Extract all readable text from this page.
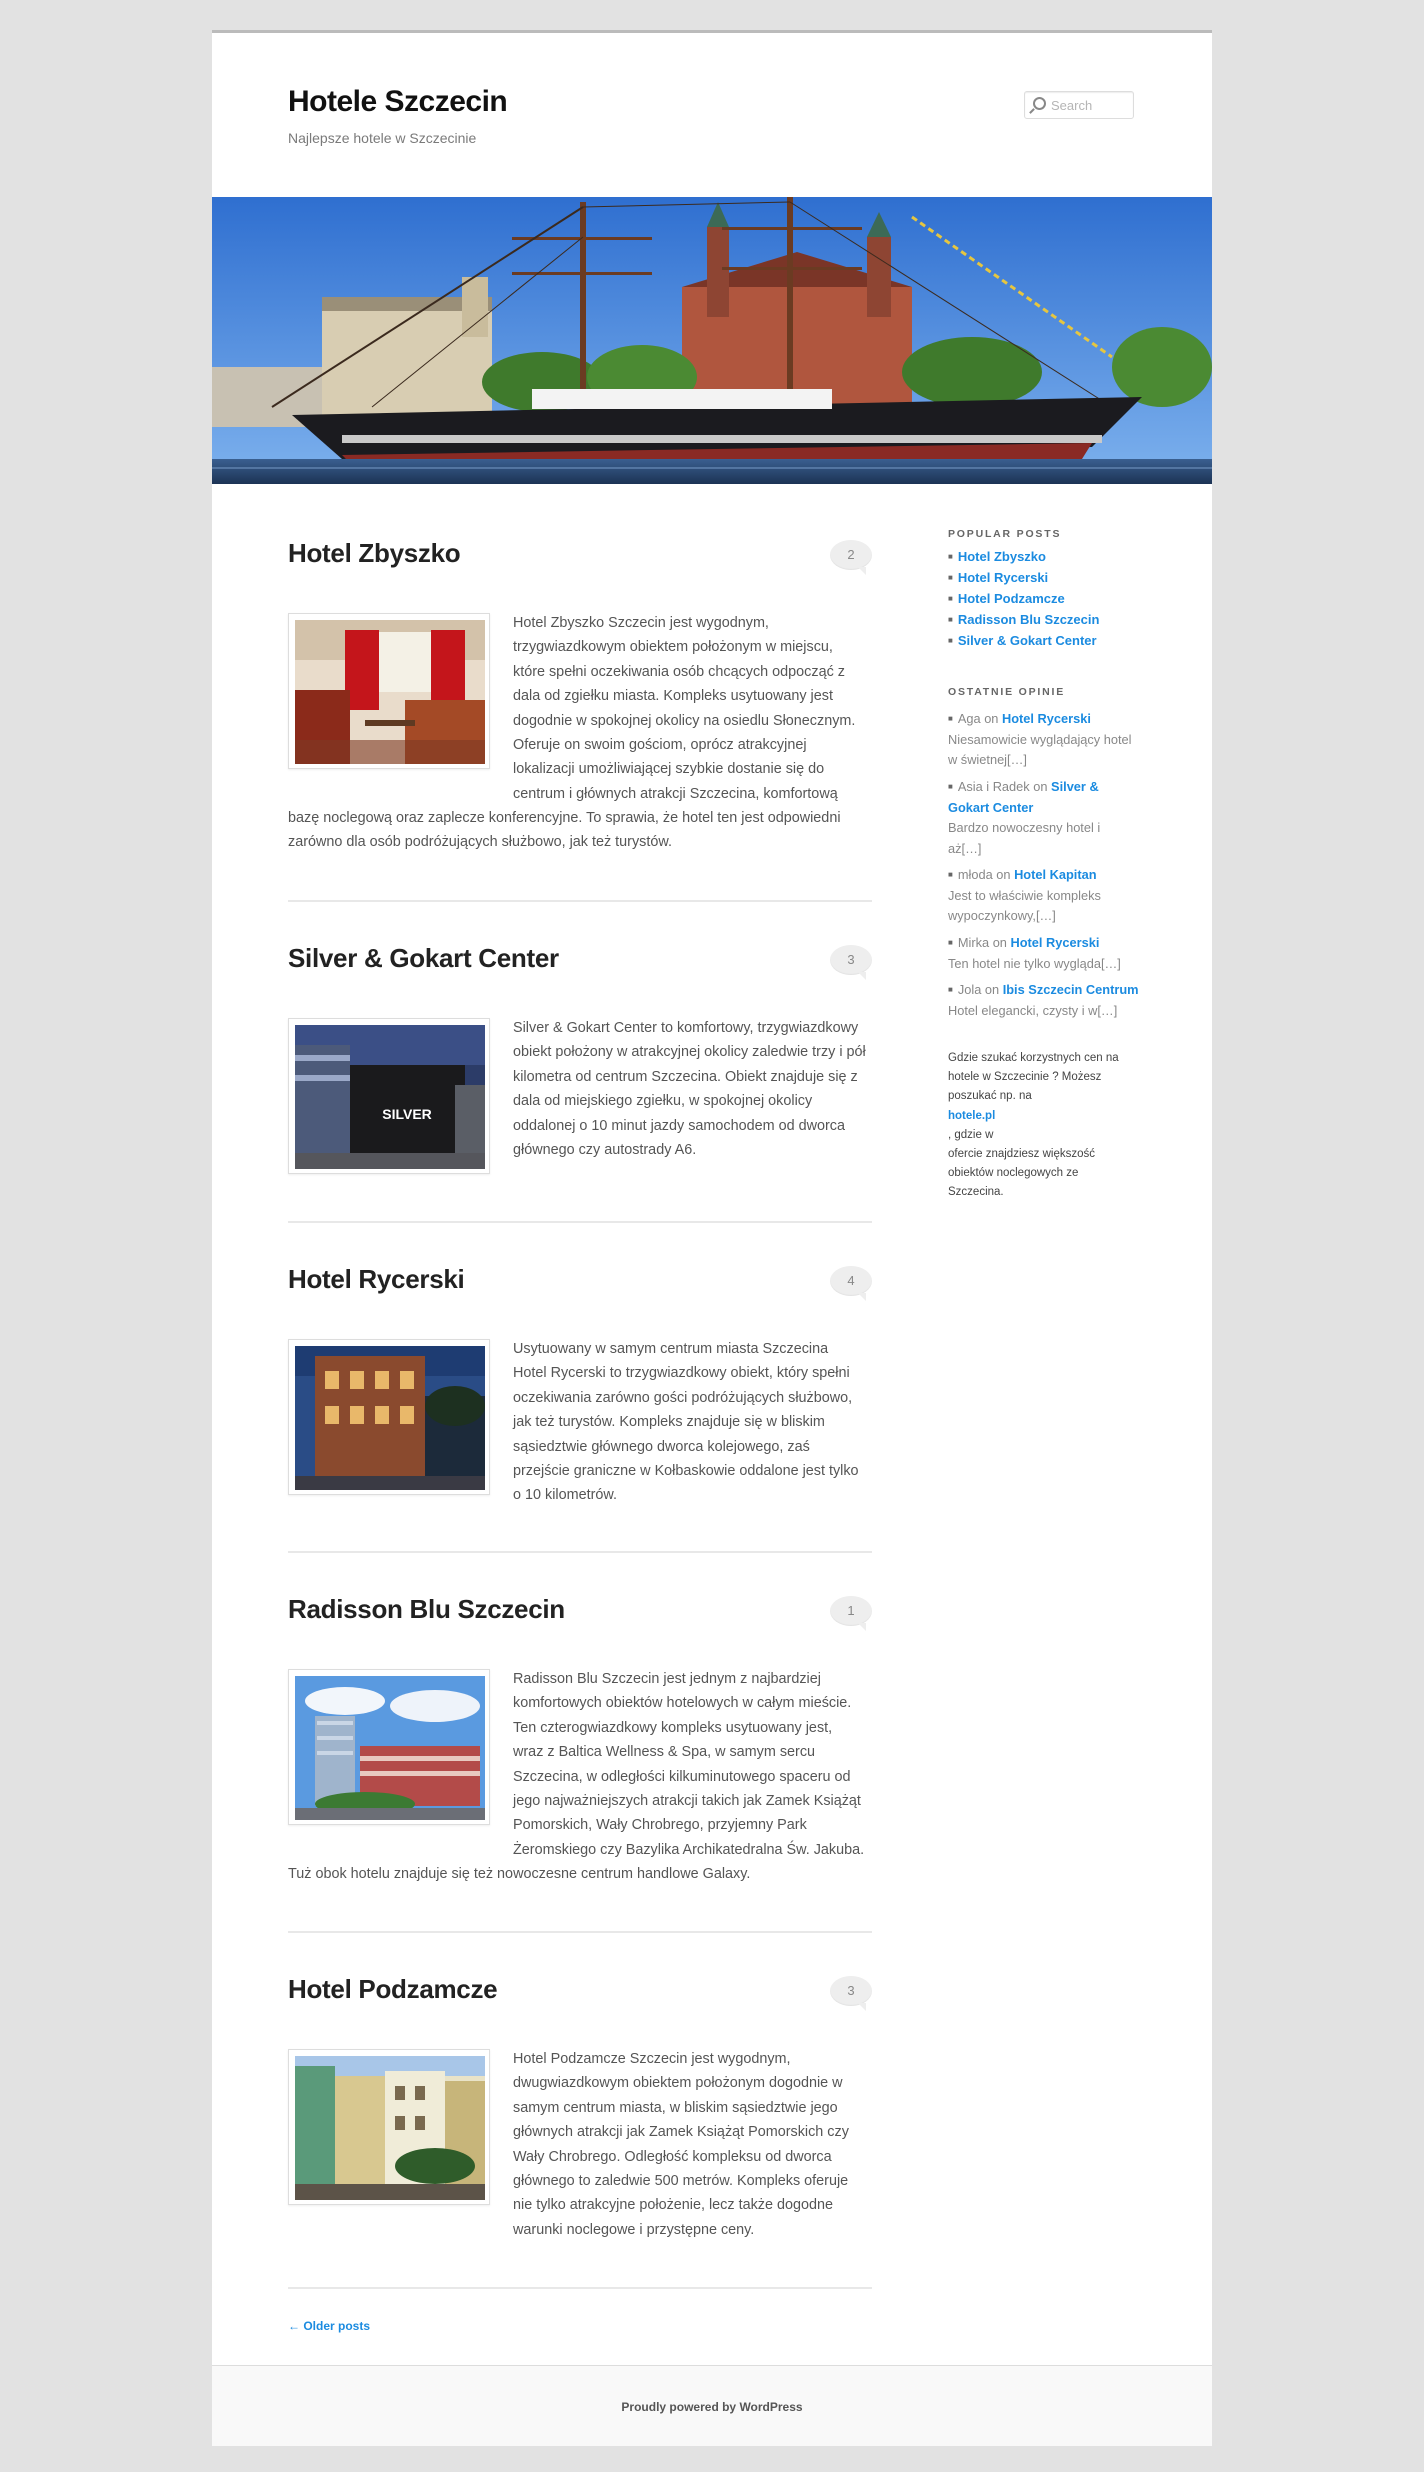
Hotele Szczecin

Najlepsze hotele w Szczecinie

Search
Hotel Zbyszko	2
Hotel Zbyszko Szczecin jest wygodnym,
trzygwiazdkowym obiektem położonym w miejscu,
które spełni oczekiwania osób chcących odpocząć z
dala od zgiełku miasta. Kompleks usytuowany jest
dogodnie w spokojnej okolicy na osiedlu Słonecznym.
Oferuje on swoim gościom, oprócz atrakcyjnej
lokalizacji umożliwiającej szybkie dostanie się do
centrum i głównych atrakcji Szczecina, komfortową
bazę noclegową oraz zaplecze konferencyjne. To sprawia, że hotel ten jest odpowiedni
zarówno dla osób podróżujących służbowo, jak też turystów.
Silver & Gokart Center	3
SILVER
Silver & Gokart Center to komfortowy, trzygwiazdkowy
obiekt położony w atrakcyjnej okolicy zaledwie trzy i pół
kilometra od centrum Szczecina. Obiekt znajduje się z
dala od miejskiego zgiełku, w spokojnej okolicy
oddalonej o 10 minut jazdy samochodem od dworca
głównego czy autostrady A6.
Hotel Rycerski	4
Usytuowany w samym centrum miasta Szczecina
Hotel Rycerski to trzygwiazdkowy obiekt, który spełni
oczekiwania zarówno gości podróżujących służbowo,
jak też turystów. Kompleks znajduje się w bliskim
sąsiedztwie głównego dworca kolejowego, zaś
przejście graniczne w Kołbaskowie oddalone jest tylko
o 10 kilometrów.
Radisson Blu Szczecin	1
Radisson Blu Szczecin jest jednym z najbardziej
komfortowych obiektów hotelowych w całym mieście.
Ten czterogwiazdkowy kompleks usytuowany jest,
wraz z Baltica Wellness & Spa, w samym sercu
Szczecina, w odległości kilkuminutowego spaceru od
jego najważniejszych atrakcji takich jak Zamek Książąt
Pomorskich, Wały Chrobrego, przyjemny Park
Żeromskiego czy Bazylika Archikatedralna Św. Jakuba.
Tuż obok hotelu znajduje się też nowoczesne centrum handlowe Galaxy.
Hotel Podzamcze	3
Hotel Podzamcze Szczecin jest wygodnym,
dwugwiazdkowym obiektem położonym dogodnie w
samym centrum miasta, w bliskim sąsiedztwie jego
głównych atrakcji jak Zamek Książąt Pomorskich czy
Wały Chrobrego. Odległość kompleksu od dworca
głównego to zaledwie 500 metrów. Kompleks oferuje
nie tylko atrakcyjne położenie, lecz także dogodne
warunki noclegowe i przystępne ceny.
← Older posts
POPULAR POSTS
■ Hotel Zbyszko
■ Hotel Rycerski
■ Hotel Podzamcze
■ Radisson Blu Szczecin
■ Silver & Gokart Center
OSTATNIE OPINIE
■ Aga on Hotel Rycerski
Niesamowicie wyglądający hotel
w świetnej[…]
■ Asia i Radek on Silver &
Gokart Center
Bardzo nowoczesny hotel i
aż[…]
■ młoda on Hotel Kapitan
Jest to właściwie kompleks
wypoczynkowy,[…]
■ Mirka on Hotel Rycerski
Ten hotel nie tylko wygląda[…]
■ Jola on Ibis Szczecin Centrum
Hotel elegancki, czysty i w[…]

Gdzie szukać korzystnych cen na
hotele w Szczecinie ? Możesz
poszukać np. na
hotele.pl
, gdzie w
ofercie znajdziesz większość
obiektów noclegowych ze
Szczecina.

Proudly powered by WordPress
